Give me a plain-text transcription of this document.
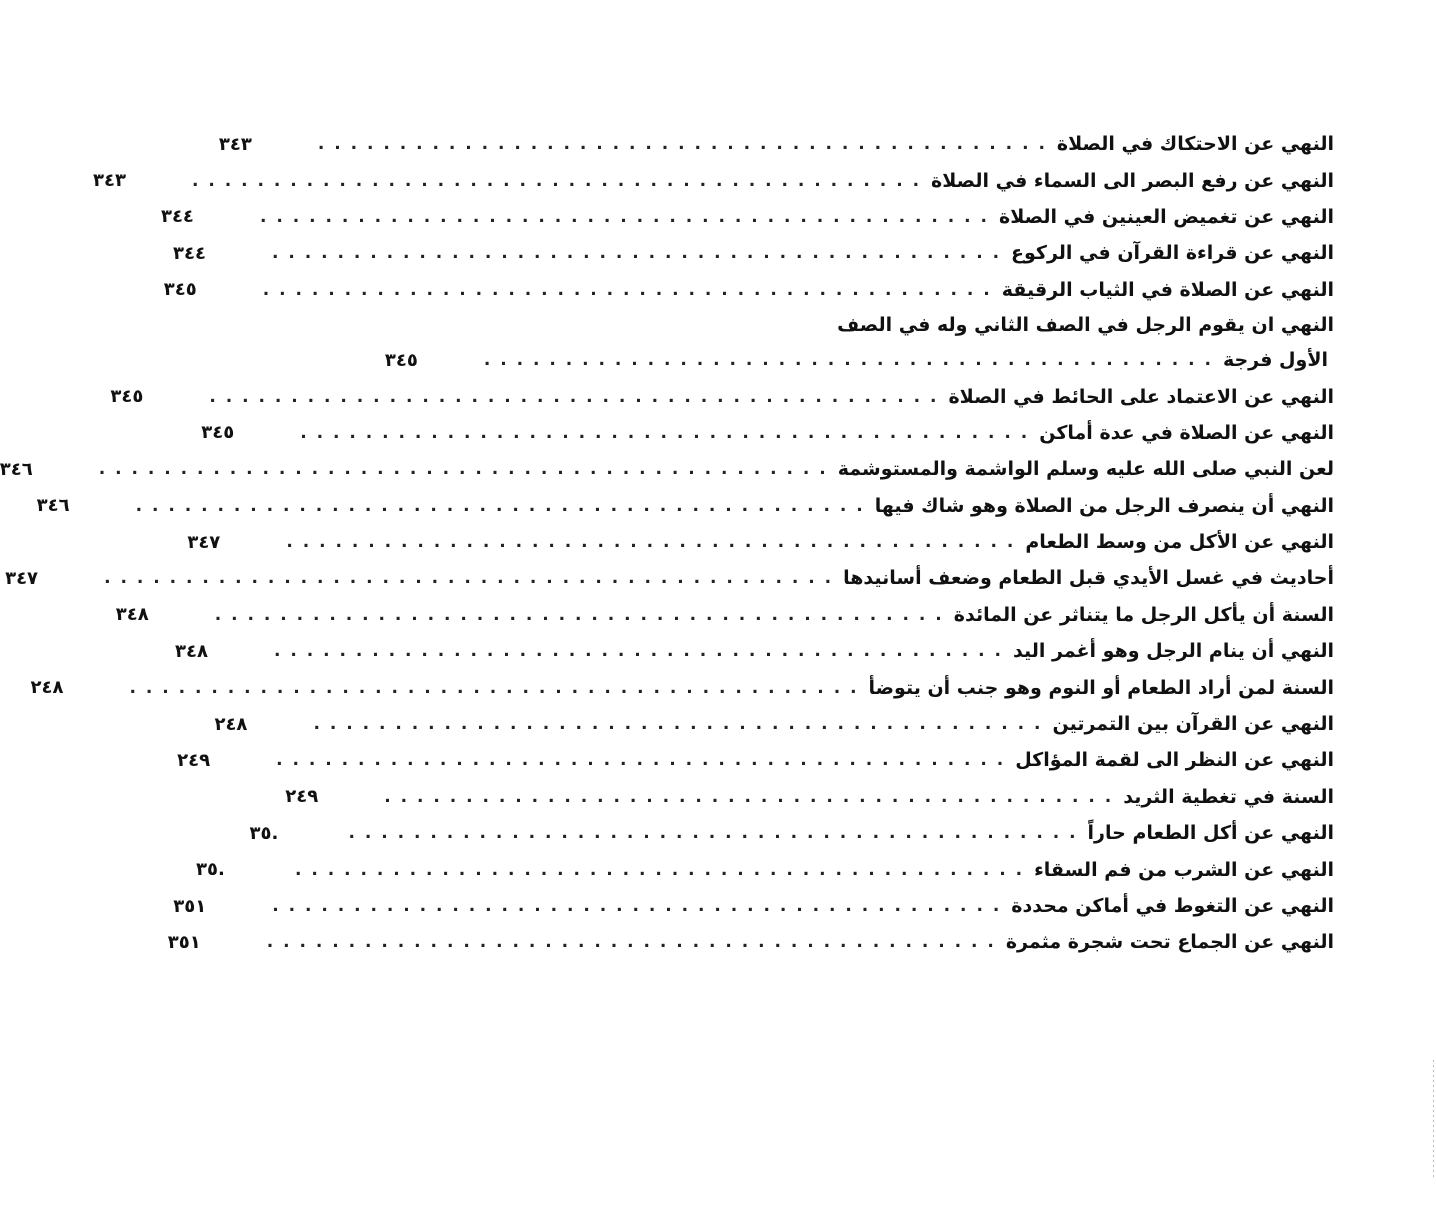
النهي عن الاحتكاك في الصلاة
. . . . . . . . . . . . . . . . . . . . . . . . . . . . . . . . . . . . . . . . . . . . .
٣٤٣
النهي عن رفع البصر الى السماء في الصلاة
. . . . . . . . . . . . . . . . . . . . . . . . . . . . . . . . . . . . . . . . . . . . .
٣٤٣
النهي عن تغميض العينين في الصلاة
. . . . . . . . . . . . . . . . . . . . . . . . . . . . . . . . . . . . . . . . . . . . .
٣٤٤
النهي عن قراءة القرآن في الركوع
. . . . . . . . . . . . . . . . . . . . . . . . . . . . . . . . . . . . . . . . . . . . .
٣٤٤
النهي عن الصلاة في الثياب الرقيقة
. . . . . . . . . . . . . . . . . . . . . . . . . . . . . . . . . . . . . . . . . . . . .
٣٤٥
النهي ان يقوم الرجل في الصف الثاني وله في الصف
الأول فرجة
. . . . . . . . . . . . . . . . . . . . . . . . . . . . . . . . . . . . . . . . . . . . .
٣٤٥
النهي عن الاعتماد على الحائط في الصلاة
. . . . . . . . . . . . . . . . . . . . . . . . . . . . . . . . . . . . . . . . . . . . .
٣٤٥
النهي عن الصلاة في عدة أماكن
. . . . . . . . . . . . . . . . . . . . . . . . . . . . . . . . . . . . . . . . . . . . .
٣٤٥
لعن النبي صلى الله عليه وسلم الواشمة والمستوشمة
. . . . . . . . . . . . . . . . . . . . . . . . . . . . . . . . . . . . . . . . . . . . .
٣٤٦
النهي أن ينصرف الرجل من الصلاة وهو شاك فيها
. . . . . . . . . . . . . . . . . . . . . . . . . . . . . . . . . . . . . . . . . . . . .
٣٤٦
النهي عن الأكل من وسط الطعام
. . . . . . . . . . . . . . . . . . . . . . . . . . . . . . . . . . . . . . . . . . . . .
٣٤٧
أحاديث في غسل الأيدي قبل الطعام وضعف أسانيدها
. . . . . . . . . . . . . . . . . . . . . . . . . . . . . . . . . . . . . . . . . . . . .
٣٤٧
السنة أن يأكل الرجل ما يتناثر عن المائدة
. . . . . . . . . . . . . . . . . . . . . . . . . . . . . . . . . . . . . . . . . . . . .
٣٤٨
النهي أن ينام الرجل وهو أغمر اليد
. . . . . . . . . . . . . . . . . . . . . . . . . . . . . . . . . . . . . . . . . . . . .
٣٤٨
السنة لمن أراد الطعام أو النوم وهو جنب أن يتوضأ
. . . . . . . . . . . . . . . . . . . . . . . . . . . . . . . . . . . . . . . . . . . . .
٢٤٨
النهي عن القرآن بين التمرتين
. . . . . . . . . . . . . . . . . . . . . . . . . . . . . . . . . . . . . . . . . . . . .
٢٤٨
النهي عن النظر الى لقمة المؤاكل
. . . . . . . . . . . . . . . . . . . . . . . . . . . . . . . . . . . . . . . . . . . . .
٢٤٩
السنة في تغطية الثريد
. . . . . . . . . . . . . . . . . . . . . . . . . . . . . . . . . . . . . . . . . . . . .
٢٤٩
النهي عن أكل الطعام حاراً
. . . . . . . . . . . . . . . . . . . . . . . . . . . . . . . . . . . . . . . . . . . . .
٣٥.
النهي عن الشرب من فم السقاء
. . . . . . . . . . . . . . . . . . . . . . . . . . . . . . . . . . . . . . . . . . . . .
٣٥.
النهي عن التغوط في أماكن محددة
. . . . . . . . . . . . . . . . . . . . . . . . . . . . . . . . . . . . . . . . . . . . .
٣٥١
النهي عن الجماع تحت شجرة مثمرة
. . . . . . . . . . . . . . . . . . . . . . . . . . . . . . . . . . . . . . . . . . . . .
٣٥١
